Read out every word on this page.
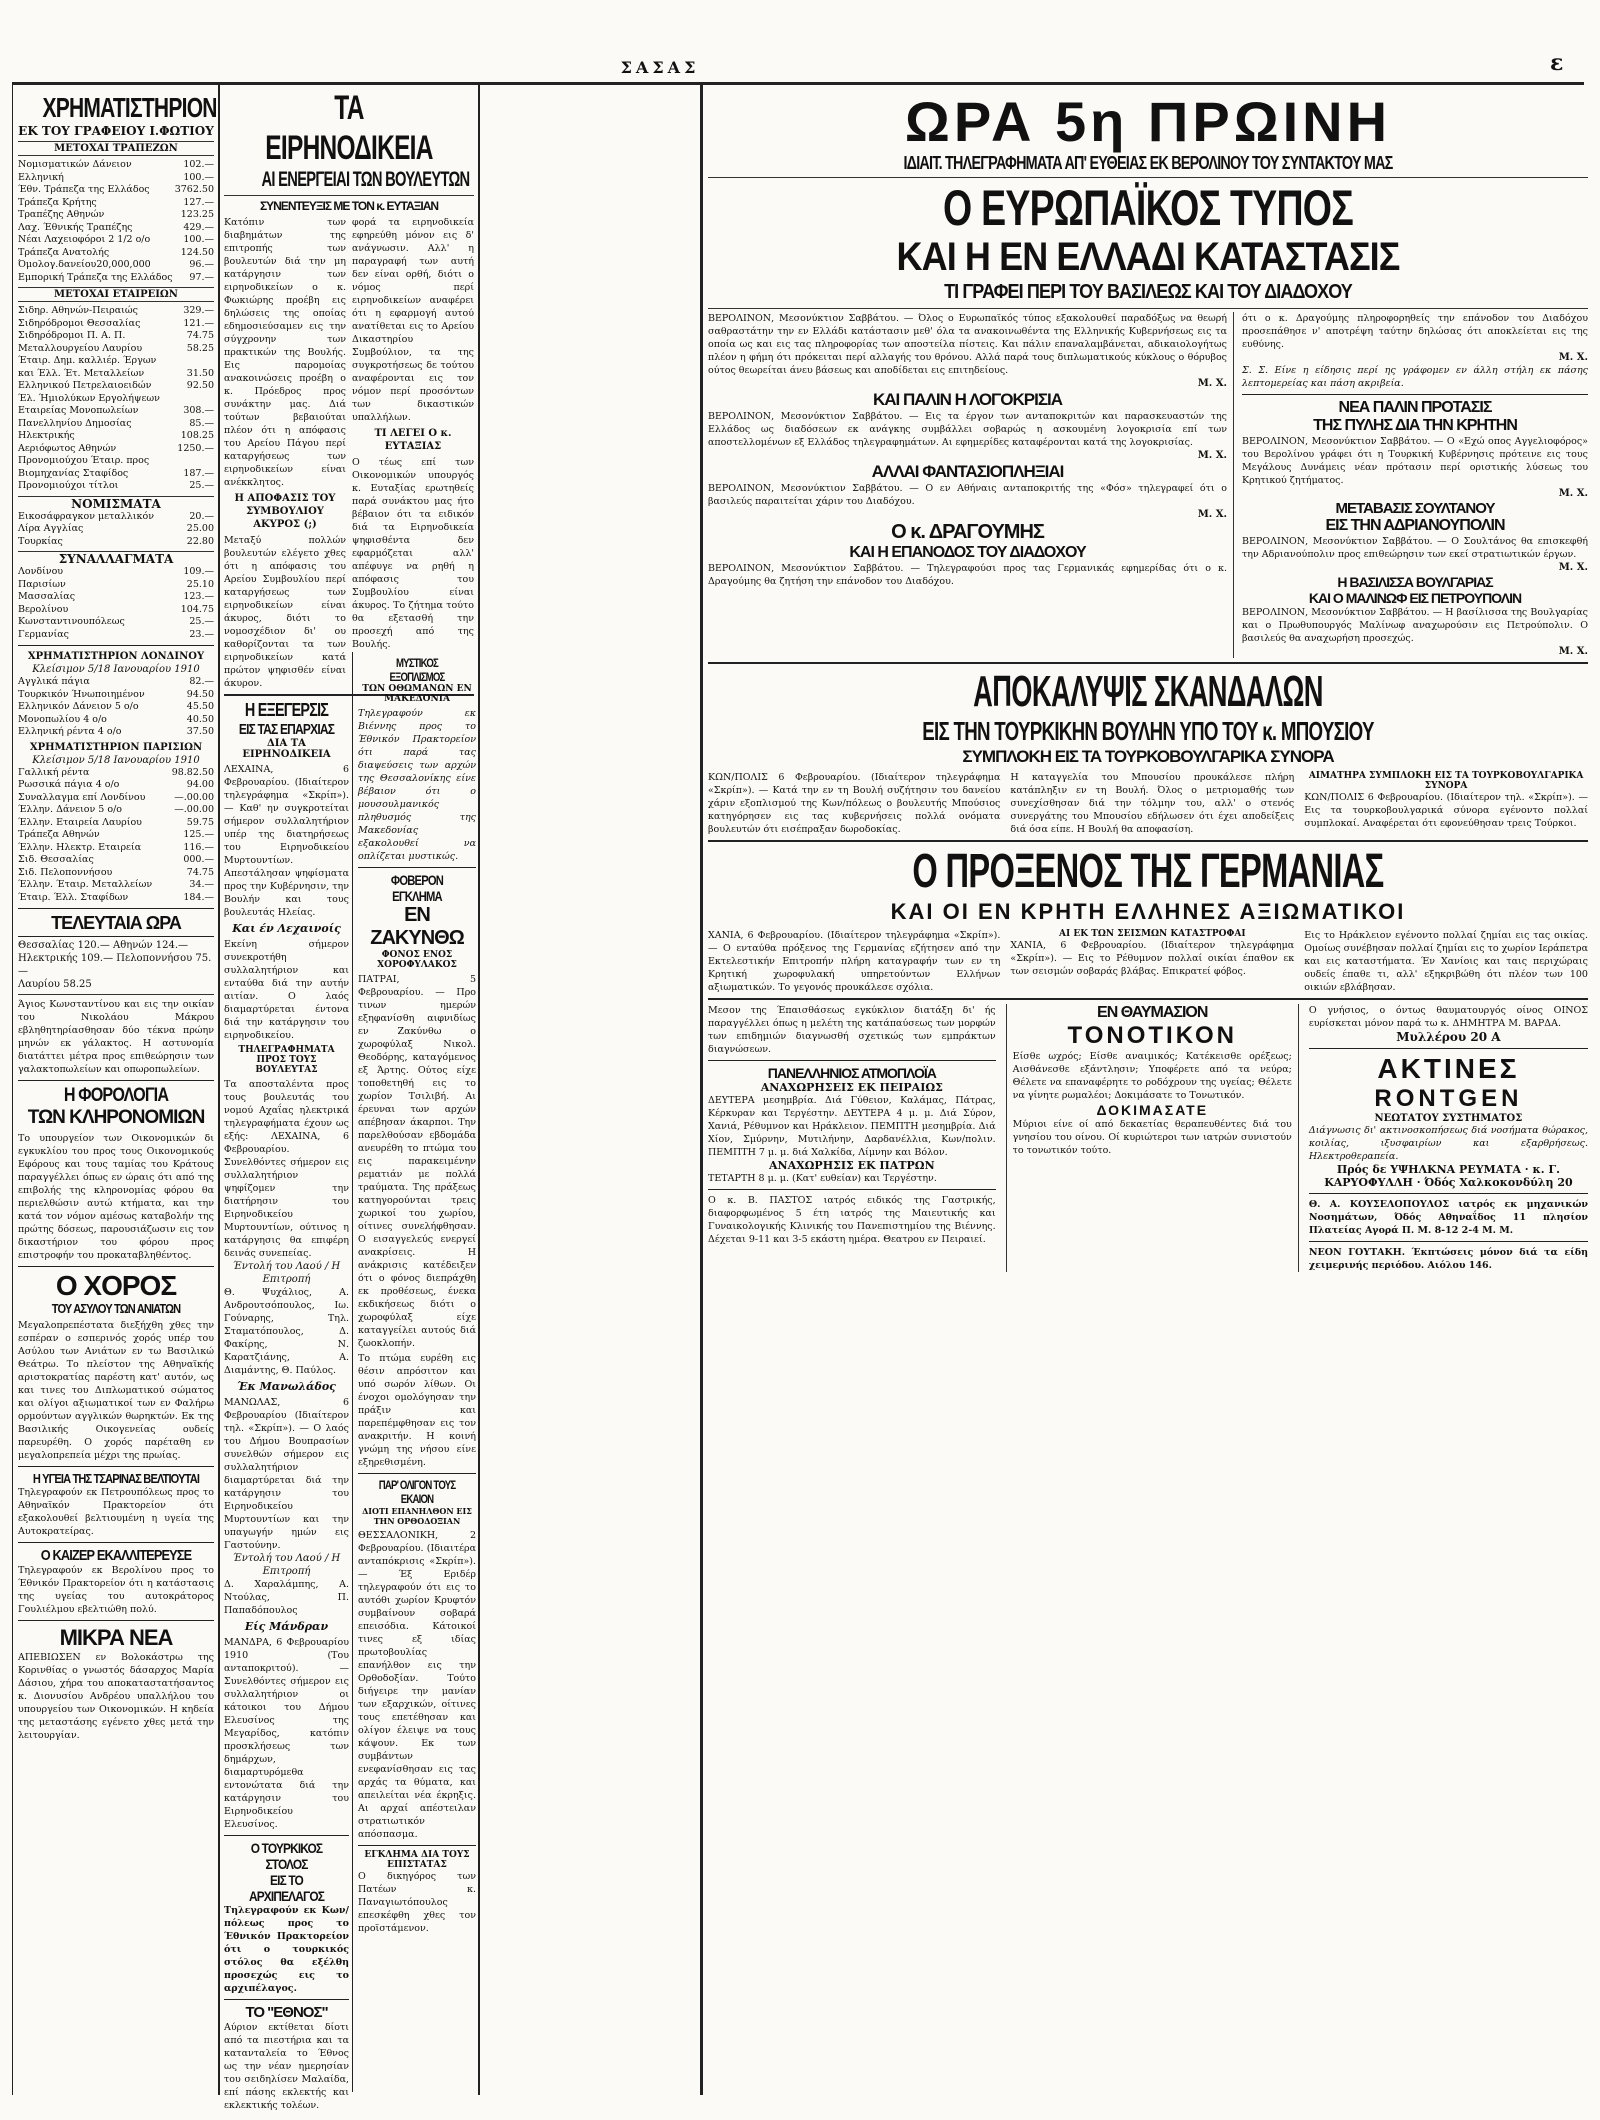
ΣΑΣΑΣ	ε
ΧΡΗΜΑΤΙΣΤΗΡΙΟΝ
ΕΚ ΤΟΥ ΓΡΑΦΕΙΟΥ Ι.ΦΩΤΙΟΥ
ΜΕΤΟΧΑΙ ΤΡΑΠΕΖΩΝ
Νομισματικών Δάνειον	102.—
Ελληνική	100.—
Έθν. Τράπεζα της Ελλάδος	3762.50
Τράπεζα Κρήτης	127.—
Τραπέζης Αθηνών	123.25
Λαχ. Έθνικής Τραπέζης	429.—
Νέαι Λαχειοφόροι 2 1/2 ο/ο	100.—
Τράπεζα Ανατολής	124.50
Όμολογ.δανείου20,000,000	96.—
Εμπορική Τράπεζα της Ελλάδος 97.—
ΜΕΤΟΧΑΙ ΕΤΑΙΡΕΙΩΝ
Σιδηρ. Αθηνών-Πειραιώς	329.—
Σιδηρόδρομοι Θεσσαλίας	121.—
Σιδηρόδρομοι Π. Α. Π.	74.75
Μεταλλουργείου Λαυρίου	58.25
Έταιρ. Δημ. καλλιέρ. Έργων
και Έλλ. Έτ. Μεταλλείων	31.50
Ελληνικού Πετρελαιοειδών	92.50
Έλ. Ήμιολύκων Εργολήψεων
Εταιρείας Μονοπωλείων	308.—
Πανελληνίου Δημοσίας	85.—
Ηλεκτρικής	108.25
Αεριόφωτος Αθηνών	1250.—
Προνομιούχου Έταιρ. προς
Βιομηχανίας Σταφίδος	187.—
Προνομιούχοι τίτλοι	25.—
ΝΟΜΙΣΜΑΤΑ
Εικοσάφραγκον μεταλλικόν	20.—
Λίρα Αγγλίας	25.00
Τουρκίας	22.80
ΣΥΝΑΛΛΑΓΜΑΤΑ
Λονδίνου	109.—
Παρισίων	25.10
Μασσαλίας	123.—
Βερολίνου	104.75
Κωνσταντινουπόλεως	25.—
Γερμανίας	23.—
ΧΡΗΜΑΤΙΣΤΗΡΙΟΝ ΛΟΝΔΙΝΟΥ
Κλείσιμον 5/18 Ιανουαρίου 1910
Αγγλικά πάγια	82.—
Τουρκικόν Ήνωποιημένον	94.50
Ελληνικόν Δάνειον 5 ο/ο	45.50
Μονοπωλίου 4 ο/ο	40.50
Ελληνική ρέντα 4 ο/ο	37.50
ΧΡΗΜΑΤΙΣΤΗΡΙΟΝ ΠΑΡΙΣΙΩΝ
Κλείσιμον 5/18 Ιανουαρίου 1910
Γαλλική ρέντα	98.82.50
Ρωσσικά πάγια 4 ο/ο	94.00
Συναλλαγμα επί Λονδίνου	—.00.00
Έλλην. Δάνειον 5 ο/ο	—.00.00
Έλλην. Εταιρεία Λαυρίου	59.75
Τράπεζα Αθηνών	125.—
Έλλην. Ηλεκτρ. Εταιρεία	116.—
Σιδ. Θεσσαλίας	000.—
Σιδ. Πελοποννήσου	74.75
Έλλην. Έταιρ. Μεταλλείων	34.—
Έταιρ. Έλλ. Σταφίδων	184.—
ΤΕΛΕΥΤΑΙΑ ΩΡΑ
Θεσσαλίας 120.— Αθηνών 124.—
Ηλεκτρικής 109.— Πελοποννήσου 75.—
Λαυρίου 58.25
Άγιος Κωνσταντίνου και εις την οικίαν του Νικολάου Μάκρου εβληθητηρίασθησαν δύο τέκνα πρώην μηνών εκ γάλακτος. Η αστυνομία διατάττει μέτρα προς επιθεώρησιν των γαλακτοπωλείων και οπωροπωλείων.
Η ΦΟΡΟΛΟΓΙΑ
ΤΩΝ ΚΛΗΡΟΝΟΜΙΩΝ
Το υπουργείον των Οικονομικών δι εγκυκλίου του προς τους Οικονομικούς Εφόρους και τους ταμίας του Κράτους παραγγέλλει όπως εν ώραις ότι από της επιβολής της κληρονομίας φόρου θα περιελθώσιν αυτώ κτήματα, και την κατά τον νόμον αμέσως καταβολήν της πρώτης δόσεως, παρουσιάζωσιν εις τον δικαστήριον του φόρου προς επιστροφήν του προκαταβληθέντος.
Ο ΧΟΡΟΣ
ΤΟΥ ΑΣΥΛΟΥ ΤΩΝ ΑΝΙΑΤΩΝ
Μεγαλοπρεπέστατα διεξήχθη χθες την εσπέραν ο εσπερινός χορός υπέρ του Ασύλου των Ανιάτων εν τω Βασιλικώ Θεάτρω. Το πλείστον της Αθηναϊκής αριστοκρατίας παρέστη κατ' αυτόν, ως και τινες του Διπλωματικού σώματος και ολίγοι αξιωματικοί των εν Φαλήρω ορμούντων αγγλικών θωρηκτών. Εκ της Βασιλικής Οικογενείας ουδείς παρευρέθη. Ο χορός παρέταθη εν μεγαλοπρεπεία μέχρι της πρωίας.
Η ΥΓΕΙΑ ΤΗΣ ΤΣΑΡΙΝΑΣ ΒΕΛΤΙΟΥΤΑΙ
Τηλεγραφούν εκ Πετρουπόλεως προς το Αθηναϊκόν Πρακτορείον ότι εξακολουθεί βελτιουμένη η υγεία της Αυτοκρατείρας.
Ο ΚΑΙΖΕΡ ΕΚΑΛΛΙΤΕΡΕΥΣΕ
Τηλεγραφούν εκ Βερολίνου προς το Έθνικόν Πρακτορείον ότι η κατάστασις της υγείας του αυτοκράτορος Γουλιέλμου εβελτιώθη πολύ.
ΜΙΚΡΑ ΝΕΑ
ΑΠΕΒΙΩΣΕΝ εν Βολοκάστρω της Κορινθίας ο γνωστός δάσαρχος Μαρία Δάσιου, χήρα του αποκαταστατήσαντος κ. Διονυσίου Ανδρέου υπαλλήλου του υπουργείου των Οικονομικών. Η κηδεία της μεταστάσης εγένετο χθες μετά την λειτουργίαν.
ΤΑ ΕΙΡΗΝΟΔΙΚΕΙΑ
ΑΙ ΕΝΕΡΓΕΙΑΙ ΤΩΝ ΒΟΥΛΕΥΤΩΝ
ΣΥΝΕΝΤΕΥΞΙΣ ΜΕ ΤΟΝ κ. ΕΥΤΑΞΙΑΝ
Κατόπιν των διαβημάτων της επιτροπής των βουλευτών διά την μη κατάργησιν των ειρηνοδικείων ο κ. Φωκιώρης προέβη εις δηλώσεις της οποίας εδημοσιεύσαμεν εις την σύγχρονην των πρακτικών της Βουλής. Εις παρομοίας ανακοινώσεις προέβη ο κ. Πρόεδρος προς συνάκτην μας. Διά τούτων βεβαιούται πλέον ότι η απόφασις του Αρείου Πάγου περί καταργήσεως των ειρηνοδικείων είναι ανέκκλητος.
Η ΑΠΟΦΑΣΙΣ ΤΟΥ ΣΥΜΒΟΥΛΙΟΥ ΑΚΥΡΟΣ (;)
Μεταξύ πολλών βουλευτών ελέγετο χθες ότι η απόφασις του Αρείου Συμβουλίου περί καταργήσεως των ειρηνοδικείων είναι άκυρος, διότι το νομοσχέδιον δι' ου καθορίζονται τα των ειρηνοδικείων κατά πρώτον ψηφισθέν είναι άκυρον.
φορά τα ειρηνοδικεία εφηρεύθη μόνον εις δ' ανάγνωσιν. Αλλ' η παραγραφή των αυτή δεν είναι ορθή, διότι ο νόμος περί ειρηνοδικείων αναφέρει ότι η εφαρμογή αυτού ανατίθεται εις το Αρείου Δικαστηρίου Συμβούλιον, τα της συγκροτήσεως δε τούτου αναφέρονται εις τον νόμον περί προσόντων των δικαστικών υπαλλήλων.
ΤΙ ΛΕΓΕΙ Ο κ. ΕΥΤΑΞΙΑΣ
Ο τέως επί των Οικονομικών υπουργός κ. Ευταξίας ερωτηθείς παρά συνάκτου μας ήτο βέβαιον ότι τα ειδικόν διά τα Ειρηνοδικεία ψηφισθέντα δεν εφαρμόζεται αλλ' απέφυγε να ρηθή η απόφασις του Συμβουλίου είναι άκυρος. Το ζήτημα τούτο θα εξετασθή την προσεχή από της Βουλής.
Η ΕΞΕΓΕΡΣΙΣ
ΕΙΣ ΤΑΣ ΕΠΑΡΧΙΑΣ
ΔΙΑ ΤΑ ΕΙΡΗΝΟΔΙΚΕΙΑ
ΛΕΧΑΙΝΑ, 6 Φεβρουαρίου. (Ιδιαίτερον τηλεγράφημα «Σκρίπ»). — Καθ' ην συγκροτείται σήμερον συλλαλητήριον υπέρ της διατηρήσεως του Ειρηνοδικείου Μυρτουντίων. Απεστάλησαν ψηφίσματα προς την Κυβέρνησιν, την Βουλήν και τους βουλευτάς Ηλείας.
Και έν Λεχαινοίς
Εκείνη σήμερον συνεκροτήθη συλλαλητήριον και ενταύθα διά την αυτήν αιτίαν. Ο λαός διαμαρτύρεται έντονα διά την κατάργησιν του ειρηνοδικείου.
ΤΗΛΕΓΡΑΦΗΜΑΤΑ ΠΡΟΣ ΤΟΥΣ ΒΟΥΛΕΥΤΑΣ
Τα αποσταλέντα προς τους βουλευτάς του νομού Αχαΐας ηλεκτρικά τηλεγραφήματα έχουν ως εξής: ΛΕΧΑΙΝΑ, 6 Φεβρουαρίου. Συνελθόντες σήμερον εις συλλαλητήριον ψηφίζομεν την διατήρησιν του Ειρηνοδικείου Μυρτουντίων, ούτινος η κατάργησις θα επιφέρη δεινάς συνεπείας.
Έντολή του Λαού / Η Επιτροπή
Θ. Ψυχάλιος, Α. Ανδρουτσόπουλος, Ιω. Γούναρης, Τηλ. Σταματόπουλος, Δ. Φακίρης, Ν. Καρατζιάνης, Α. Διαμάντης, Θ. Παύλος.
Έκ Μανωλάδος
ΜΑΝΩΛΑΣ, 6 Φεβρουαρίου (Ιδιαίτερον τηλ. «Σκρίπ»). — Ο λαός του Δήμου Βουπρασίων συνελθών σήμερον εις συλλαλητήριον διαμαρτύρεται διά την κατάργησιν του Ειρηνοδικείου Μυρτουντίων και την υπαγωγήν ημών εις Γαστούνην.
Έντολή του Λαού / Η Επιτροπή
Δ. Χαραλάμπης, Α. Ντούλας, Π. Παπαδόπουλος
Είς Μάνδραν
ΜΑΝΔΡΑ, 6 Φεβρουαρίου 1910 (Του ανταποκριτού). — Συνελθόντες σήμερον εις συλλαλητήριον οι κάτοικοι του Δήμου Ελευσίνος της Μεγαρίδος, κατόπιν προσκλήσεως των δημάρχων, διαμαρτυρόμεθα εντονώτατα διά την κατάργησιν του Ειρηνοδικείου Ελευσίνος.
Ο ΤΟΥΡΚΙΚΟΣ ΣΤΟΛΟΣ
ΕΙΣ ΤΟ ΑΡΧΙΠΕΛΑΓΟΣ
Τηλεγραφούν εκ Κων/πόλεως προς το Έθνικόν Πρακτορείον ότι ο τουρκικός στόλος θα εξέλθη προσεχώς εις το αρχιπέλαγος.
ΤΟ "ΕΘΝΟΣ"
Αύριον εκτίθεται δίοτι από τα πιεστήρια και τα κατανταλεία το Έθνος ως την νέαν ημερησίαν του σειδηλίσεν Μαλαίδα, επί πάσης εκλεκτής και εκλεκτικής τολέων.
ΜΥΣΤΙΚΟΣ ΕΞΟΠΛΙΣΜΟΣ
ΤΩΝ ΟΘΩΜΑΝΩΝ ΕΝ ΜΑΚΕΔΟΝΙΑ
Τηλεγραφούν εκ Βιέννης προς το Έθνικόν Πρακτορείον ότι παρά τας διαψεύσεις των αρχών της Θεσσαλονίκης είνε βέβαιον ότι ο μουσουλμανικός πληθυσμός της Μακεδονίας εξακολουθεί να οπλίζεται μυστικώς.
ΦΟΒΕΡΟΝ ΕΓΚΛΗΜΑ
ΕΝ ΖΑΚΥΝΘΩ
ΦΟΝΟΣ ΕΝΟΣ ΧΟΡΟΦΥΛΑΚΟΣ
ΠΑΤΡΑΙ, 5 Φεβρουαρίου. — Προ τινων ημερών εξηφανίσθη αιφνιδίως εν Ζακύνθω ο χωροφύλαξ Νικολ. Θεοδόρης, καταγόμενος εξ Άρτης. Ούτος είχε τοποθετηθή εις το χωρίον Τσιλιβή. Αι έρευναι των αρχών απέβησαν άκαρποι. Την παρελθούσαν εβδομάδα ανευρέθη το πτώμα του εις παρακειμένην ρεματιάν με πολλά τραύματα. Της πράξεως κατηγορούνται τρεις χωρικοί του χωρίου, οίτινες συνελήφθησαν. Ο εισαγγελεύς ενεργεί ανακρίσεις. Η ανάκρισις κατέδειξεν ότι ο φόνος διεπράχθη εκ προθέσεως, ένεκα εκδικήσεως διότι ο χωροφύλαξ είχε καταγγείλει αυτούς διά ζωοκλοπήν.
Το πτώμα ευρέθη εις θέσιν απρόσιτον και υπό σωρόν λίθων. Οι ένοχοι ομολόγησαν την πράξιν και παρεπέμφθησαν εις τον ανακριτήν. Η κοινή γνώμη της νήσου είνε εξηρεθισμένη.
ΠΑΡ' ΟΛΙΓΟΝ ΤΟΥΣ ΕΚΑΙΟΝ
ΔΙΟΤΙ ΕΠΑΝΗΛΘΟΝ ΕΙΣ ΤΗΝ ΟΡΘΟΔΟΞΙΑΝ
ΘΕΣΣΑΛΟΝΙΚΗ, 2 Φεβρουαρίου. (Ιδιαιτέρα ανταπόκρισις «Σκρίπ»). — Έξ Εριδέρ τηλεγραφούν ότι εις το αυτόθι χωρίον Κρυφτόν συμβαίνουν σοβαρά επεισόδια. Κάτοικοί τινες εξ ιδίας πρωτοβουλίας επανήλθον εις την Ορθοδοξίαν. Τούτο διήγειρε την μανίαν των εξαρχικών, οίτινες τους επετέθησαν και ολίγον έλειψε να τους κάψουν. Εκ των συμβάντων ενεφανίσθησαν εις τας αρχάς τα θύματα, και απειλείται νέα έκρηξις. Αι αρχαί απέστειλαν στρατιωτικόν απόσπασμα.
ΕΓΚΛΗΜΑ ΔΙΑ ΤΟΥΣ ΕΠΙΣΤΑΤΑΣ
Ο δικηγόρος των Πατέων κ. Παναγιωτόπουλος επεσκέφθη χθες τον προϊστάμενον.
ΩΡΑ 5η ΠΡΩΙΝΗ
ΙΔΙΑΙΤ. ΤΗΛΕΓΡΑΦΗΜΑΤΑ ΑΠ' ΕΥΘΕΙΑΣ ΕΚ ΒΕΡΟΛΙΝΟΥ ΤΟΥ ΣΥΝΤΑΚΤΟΥ ΜΑΣ
Ο ΕΥΡΩΠΑΪΚΟΣ ΤΥΠΟΣ
ΚΑΙ Η ΕΝ ΕΛΛΑΔΙ ΚΑΤΑΣΤΑΣΙΣ
ΤΙ ΓΡΑΦΕΙ ΠΕΡΙ ΤΟΥ ΒΑΣΙΛΕΩΣ ΚΑΙ ΤΟΥ ΔΙΑΔΟΧΟΥ
ΒΕΡΟΛΙΝΟΝ, Μεσονύκτιον Σαββάτου. — Όλος ο Ευρωπαϊκός τύπος εξακολουθεί παραδόξως να θεωρή σαθραστάτην την εν Ελλάδι κατάστασιν μεθ' όλα τα ανακοινωθέντα της Ελληνικής Κυβερνήσεως εις τα οποία ως και εις τας πληροφορίας των αποστείλα πίστεις. Και πάλιν επαναλαμβάνεται, αδικαιολογήτως πλέον η φήμη ότι πρόκειται περί αλλαγής του θρόνου. Αλλά παρά τους διπλωματικούς κύκλους ο θόρυβος ούτος θεωρείται άνευ βάσεως και αποδίδεται εις επιτηδείους.
Μ. Χ.
ΚΑΙ ΠΑΛΙΝ Η ΛΟΓΟΚΡΙΣΙΑ
ΒΕΡΟΛΙΝΟΝ, Μεσονύκτιον Σαββάτου. — Εις τα έργον των ανταποκριτών και παρασκευαστών της Ελλάδος ως διαδόσεων εκ ανάγκης συμβάλλει σοβαρώς η ασκουμένη λογοκρισία επί των αποστελλομένων εξ Ελλάδος τηλεγραφημάτων. Αι εφημερίδες καταφέρονται κατά της λογοκρισίας.
Μ. Χ.
ΑΛΛΑΙ ΦΑΝΤΑΣΙΟΠΛΗΞΙΑΙ
ΒΕΡΟΛΙΝΟΝ, Μεσονύκτιον Σαββάτου. — Ο εν Αθήναις ανταποκριτής της «Φόσ» τηλεγραφεί ότι ο βασιλεύς παραιτείται χάριν του Διαδόχου.
Μ. Χ.
Ο κ. ΔΡΑΓΟΥΜΗΣ
ΚΑΙ Η ΕΠΑΝΟΔΟΣ ΤΟΥ ΔΙΑΔΟΧΟΥ
ΒΕΡΟΛΙΝΟΝ, Μεσονύκτιον Σαββάτου. — Τηλεγραφούσι προς τας Γερμανικάς εφημερίδας ότι ο κ. Δραγούμης θα ζητήση την επάνοδον του Διαδόχου.
ότι ο κ. Δραγούμης πληροφορηθείς την επάνοδον του Διαδόχου προσεπάθησε ν' αποτρέψη ταύτην δηλώσας ότι αποκλείεται εις της ευθύνης.
Μ. Χ.
Σ. Σ. Είνε η είδησις περί ης γράφομεν εν άλλη στήλη εκ πάσης λεπτομερείας και πάση ακριβεία.
ΝΕΑ ΠΑΛΙΝ ΠΡΟΤΑΣΙΣ
ΤΗΣ ΠΥΛΗΣ ΔΙΑ ΤΗΝ ΚΡΗΤΗΝ
ΒΕΡΟΛΙΝΟΝ, Μεσονύκτιον Σαββάτου. — Ο «Εχώ οπος Αγγελιοφόρος» του Βερολίνου γράφει ότι η Τουρκική Κυβέρνησις πρότεινε εις τους Μεγάλους Δυνάμεις νέαν πρότασιν περί οριστικής λύσεως του Κρητικού ζητήματος.
Μ. Χ.
ΜΕΤΑΒΑΣΙΣ ΣΟΥΛΤΑΝΟΥ
ΕΙΣ ΤΗΝ ΑΔΡΙΑΝΟΥΠΟΛΙΝ
ΒΕΡΟΛΙΝΟΝ, Μεσονύκτιον Σαββάτου. — Ο Σουλτάνος θα επισκεφθή την Αδριανούπολιν προς επιθεώρησιν των εκεί στρατιωτικών έργων.
Μ. Χ.
Η ΒΑΣΙΛΙΣΣΑ ΒΟΥΛΓΑΡΙΑΣ
ΚΑΙ Ο ΜΑΛΙΝΩΦ ΕΙΣ ΠΕΤΡΟΥΠΟΛΙΝ
ΒΕΡΟΛΙΝΟΝ, Μεσονύκτιον Σαββάτου. — Η βασίλισσα της Βουλγαρίας και ο Πρωθυπουργός Μαλίνωφ αναχωρούσιν εις Πετρούπολιν. Ο βασιλεύς θα αναχωρήση προσεχώς.
Μ. Χ.
ΑΠΟΚΑΛΥΨΙΣ ΣΚΑΝΔΑΛΩΝ
ΕΙΣ ΤΗΝ ΤΟΥΡΚΙΚΗΝ ΒΟΥΛΗΝ ΥΠΟ ΤΟΥ κ. ΜΠΟΥΣΙΟΥ
ΣΥΜΠΛΟΚΗ ΕΙΣ ΤΑ ΤΟΥΡΚΟΒΟΥΛΓΑΡΙΚΑ ΣΥΝΟΡΑ
ΚΩΝ/ΠΟΛΙΣ 6 Φεβρουαρίου. (Ιδιαίτερον τηλεγράφημα «Σκρίπ»). — Κατά την εν τη Βουλή συζήτησιν του δανείου χάριν εξοπλισμού της Κων/πόλεως ο βουλευτής Μπούσιος κατηγόρησεν εις τας κυβερνήσεις πολλά ονόματα βουλευτών ότι εισέπραξαν δωροδοκίας.
Η καταγγελία του Μπουσίου προυκάλεσε πλήρη κατάπληξιν εν τη Βουλή. Όλος ο μετριομαθής των συνεχίσθησαν διά την τόλμην του, αλλ' ο στενός συνεργάτης του Μπουσίου εδήλωσεν ότι έχει αποδείξεις διά όσα είπε. Η Βουλή θα αποφασίση.
ΑΙΜΑΤΗΡΑ ΣΥΜΠΛΟΚΗ ΕΙΣ ΤΑ ΤΟΥΡΚΟΒΟΥΛΓΑΡΙΚΑ ΣΥΝΟΡΑ
ΚΩΝ/ΠΟΛΙΣ 6 Φεβρουαρίου. (Ιδιαίτερον τηλ. «Σκρίπ»). — Εις τα τουρκοβουλγαρικά σύνορα εγένοντο πολλαί συμπλοκαί. Αναφέρεται ότι εφονεύθησαν τρεις Τούρκοι.
Ο ΠΡΟΞΕΝΟΣ ΤΗΣ ΓΕΡΜΑΝΙΑΣ
ΚΑΙ ΟΙ ΕΝ ΚΡΗΤΗ ΕΛΛΗΝΕΣ ΑΞΙΩΜΑΤΙΚΟΙ
ΧΑΝΙΑ, 6 Φεβρουαρίου. (Ιδιαίτερον τηλεγράφημα «Σκρίπ»). — Ο ενταύθα πρόξενος της Γερμανίας εζήτησεν από την Εκτελεστικήν Επιτροπήν πλήρη καταγραφήν των εν τη Κρητική χωροφυλακή υπηρετούντων Ελλήνων αξιωματικών. Το γεγονός προυκάλεσε σχόλια.
ΑΙ ΕΚ ΤΩΝ ΣΕΙΣΜΩΝ ΚΑΤΑΣΤΡΟΦΑΙ
ΧΑΝΙΑ, 6 Φεβρουαρίου. (Ιδιαίτερον τηλεγράφημα «Σκρίπ»). — Εις το Ρέθυμνον πολλαί οικίαι έπαθον εκ των σεισμών σοβαράς βλάβας. Επικρατεί φόβος.
Εις το Ηράκλειον εγένοντο πολλαί ζημίαι εις τας οικίας. Ομοίως συνέβησαν πολλαί ζημίαι εις το χωρίον Ιεράπετρα και εις καταστήματα. Έν Χανίοις και ταις περιχώραις ουδείς έπαθε τι, αλλ' εξηκριβώθη ότι πλέον των 100 οικιών εβλάβησαν.
Μεσον της Έπαισθάσεως εγκύκλιον διατάξη δι' ής παραγγέλλει όπως η μελέτη της κατάπαύσεως των μορφών των επιδημιών διαγνωσθή σχετικώς των εμπράκτων διαγνώσεων.
ΠΑΝΕΛΛΗΝΙΟΣ ΑΤΜΟΠΛΟΪΑ
ΑΝΑΧΩΡΗΣΕΙΣ ΕΚ ΠΕΙΡΑΙΩΣ
ΔΕΥΤΕΡΑ μεσημβρία. Διά Γύθειον, Καλάμας, Πάτρας, Κέρκυραν και Τεργέστην. ΔΕΥΤΕΡΑ 4 μ. μ. Διά Σύρον, Χανιά, Ρέθυμνον και Ηράκλειον. ΠΕΜΠΤΗ μεσημβρία. Διά Χίον, Σμύρνην, Μυτιλήνην, Δαρδανέλλια, Κων/πολιν. ΠΕΜΠΤΗ 7 μ. μ. διά Χαλκίδα, Λίμνην και Βόλον.
ΑΝΑΧΩΡΗΣΙΣ ΕΚ ΠΑΤΡΩΝ
ΤΕΤΑΡΤΗ 8 μ. μ. (Κατ' ευθείαν) και Τεργέστην.
Ο κ. Β. ΠΑΣΤΟΣ ιατρός ειδικός της Γαστρικής, διαφορφωμένος 5 έτη ιατρός της Μαιευτικής και Γυναικολογικής Κλινικής του Πανεπιστημίου της Βιέννης. Δέχεται 9-11 και 3-5 εκάστη ημέρα. Θεατρου εν Πειραιεί.
ΕΝ ΘΑΥΜΑΣΙΟΝ
ΤΟΝΟΤΙΚΟΝ
Είσθε ωχρός; Είσθε αναιμικός; Κατέκεισθε ορέξεως; Αισθάνεσθε εξάντλησιν; Υποφέρετε από τα νεύρα; Θέλετε να επαναφέρητε το ροδόχρουν της υγείας; Θέλετε να γίνητε ρωμαλέοι; Δοκιμάσατε το Τονωτικόν.
ΔΟΚΙΜΑΣΑΤΕ
Μύριοι είνε οί από δεκαετίας θεραπευθέντες διά του γνησίου του οίνου. Οί κυριώτεροι των ιατρών συνιστούν το τονωτικόν τούτο.
Ο γνήσιος, ο όντως θαυματουργός οίνος ΟΙΝΟΣ ευρίσκεται μόνον παρά τω κ. ΔΗΜΗΤΡΑ Μ. ΒΑΡΔΑ.
Μυλλέρου 20 Α
ΑΚΤΙΝΕΣ
RONTGEN
ΝΕΩΤΑΤΟΥ ΣΥΣΤΗΜΑΤΟΣ
Διάγνωσις δι' ακτινοσκοπήσεως διά νοσήματα θώρακος, κοιλίας, ιξυσφαιρίων και εξαρθρήσεως. Ηλεκτροθεραπεία.
Πρός δε ΥΨΗΛΚΝΑ ΡΕΥΜΑΤΑ · κ. Γ. ΚΑΡΥΟΦΥΛΛΗ · Όδός Χαλκοκονδύλη 20
Θ. Α. ΚΟΥΣΕΛΟΠΟΥΛΟΣ ιατρός εκ μηχανικών Νοσημάτων, Όδός Αθηναΐδος 11 πλησίον Πλατείας Αγορά Π. Μ. 8-12 2-4 Μ. Μ.
ΝΕΟΝ ΓΟΥΤΑΚΗ. Έκπτώσεις μόνον διά τα είδη χειμερινής περιόδου. Αιόλου 146.
